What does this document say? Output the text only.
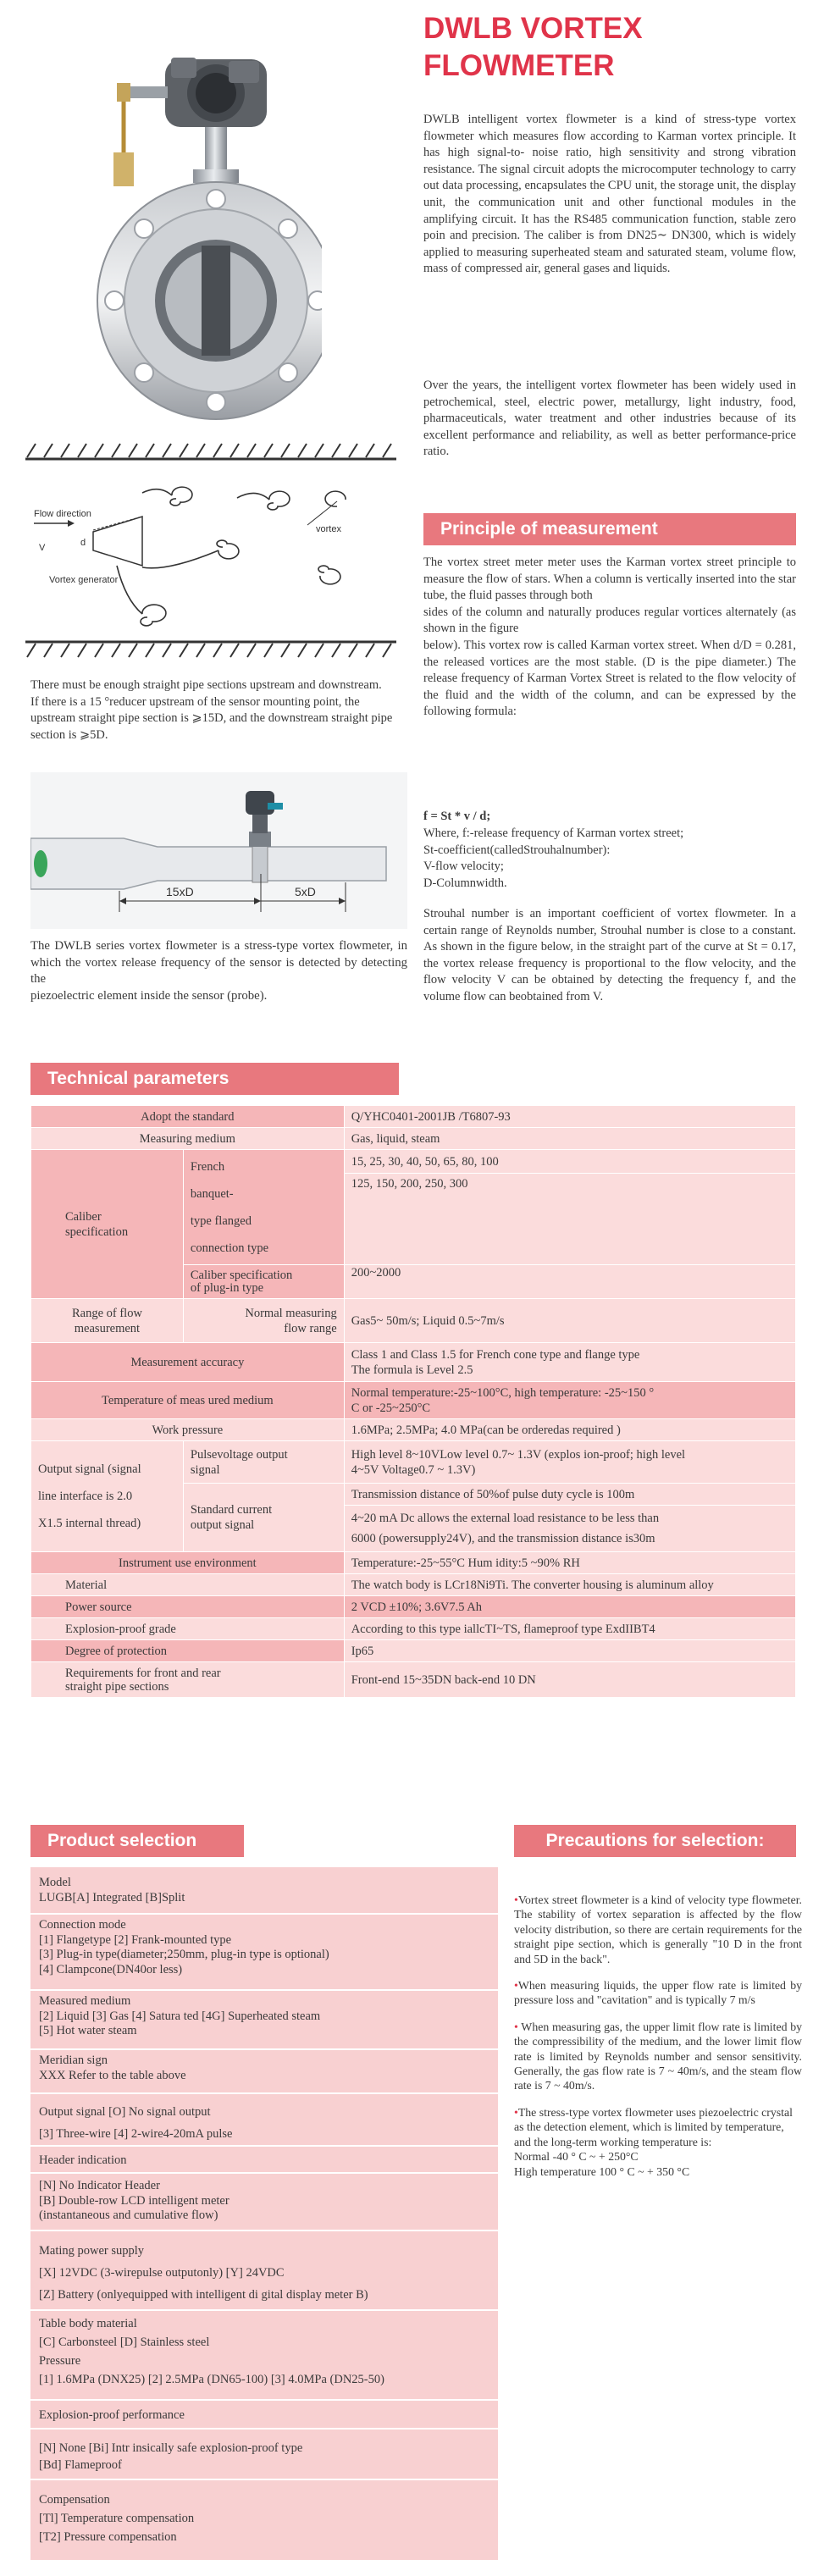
DWLB VORTEX
FLOWMETER
DWLB intelligent vortex flowmeter is a kind of stress-type vortex flowmeter which measures flow according to Karman vortex principle. It has high signal-to- noise ratio, high sensitivity and strong vibration resistance. The signal circuit adopts the microcomputer technology to carry out data processing, encapsulates the CPU unit, the storage unit, the display unit, the communication unit and other functional modules in the amplifying circuit. It has the RS485 communication function, stable zero poin and precision. The caliber is from DN25∼ DN300, which is widely applied to measuring superheated steam and saturated steam, volume flow, mass of compressed air, general gases and liquids.
Over the years, the intelligent vortex flowmeter has been widely used in petrochemical, steel, electric power, metallurgy, light industry, food, pharmaceuticals, water treatment and other industries because of its excellent performance and reliability, as well as better performance-price ratio.
Flow direction
V	d
Vortex generator
vortex
There must be enough straight pipe sections upstream and downstream.
If there is a 15 °reducer upstream of the sensor mounting point, the upstream straight pipe section is ⩾15D, and the downstream straight pipe section is ⩾5D.
15xD	5xD
The DWLB series vortex flowmeter is a stress-type vortex flowmeter, in which the vortex release frequency of the sensor is detected by detecting the
piezoelectric element inside the sensor (probe).
Principle of measurement
The vortex street meter meter uses the Karman vortex street principle to measure the flow of stars. When a column is vertically inserted into the star tube, the fluid passes through both
sides of the column and naturally produces regular vortices alternately (as shown in the figure
below). This vortex row is called Karman vortex street. When d/D = 0.281, the released vortices are the most stable. (D is the pipe diameter.) The release frequency of Karman Vortex Street is related to the flow velocity of the fluid and the width of the column, and can be expressed by the following formula:
f = St * v / d;
Where, f:-release frequency of Karman vortex street;
St-coefficient(calledStrouhalnumber):
V-flow velocity;
D-Columnwidth.
Strouhal number is an important coefficient of vortex flowmeter. In a certain range of Reynolds number, Strouhal number is close to a constant. As shown in the figure below, in the straight part of the curve at St = 0.17, the vortex release frequency is proportional to the flow velocity, and the flow velocity V can be obtained by detecting the frequency f, and the volume flow can beobtained from V.
Technical parameters
Adopt the standard		Q/YHC0401-2001JB /T6807-93
Measuring medium		Gas, liquid, steam
Caliber
specification	French

banquet-

type flanged

connection type	15, 25, 30, 40, 50, 65, 80, 100
		125, 150, 200, 250, 300
	Caliber specification
of plug-in type	200~2000
Range of flow
measurement	Normal measuring
flow range	Gas5~ 50m/s; Liquid 0.5~7m/s
Measurement accuracy		Class 1 and Class 1.5 for French cone type and flange type
The formula is Level 2.5
Temperature of meas ured medium		Normal temperature:-25~100°C, high temperature: -25~150 °
C or -25~250°C
Work pressure		1.6MPa; 2.5MPa; 4.0 MPa(can be orderedas required )
Output signal (signal

line interface is 2.0

X1.5 internal thread)	Pulsevoltage output
signal	High level 8~10VLow level 0.7~ 1.3V (explos ion-proof; high level
4~5V Voltage0.7 ~ 1.3V)
	Standard current
output signal	Transmission distance of 50%of pulse duty cycle is 100m
		4~20 mA Dc allows the external load resistance to be less than
6000 (powersupply24V), and the transmission distance is30m
Instrument use environment		Temperature:-25~55°C Hum idity:5 ~90% RH
Material		The watch body is LCr18Ni9Ti. The converter housing is aluminum alloy
Power source		2 VCD ±10%; 3.6V7.5 Ah
Explosion-proof grade		According to this type iallcTI~TS, flameproof type ExdIIBT4
Degree of protection		Ip65
Requirements for front and rear
straight pipe sections		Front-end 15~35DN back-end 10 DN
Product selection
Model
LUGB[A] Integrated [B]Split
Connection mode
[1] Flangetype [2] Frank-mounted type
[3] Plug-in type(diameter;250mm, plug-in type is optional)
[4] Clampcone(DN40or less)
Measured medium
[2] Liquid [3] Gas [4] Satura ted [4G] Superheated steam
[5] Hot water steam
Meridian sign
XXX Refer to the table above
Output signal [O] No signal output
[3] Three-wire [4] 2-wire4-20mA pulse
Header indication
[N] No Indicator Header
[B] Double-row LCD intelligent meter
(instantaneous and cumulative flow)
Mating power supply
[X] 12VDC (3-wirepulse outputonly) [Y] 24VDC
[Z] Battery (onlyequipped with intelligent di gital display meter B)
Table body material
[C] Carbonsteel [D] Stainless steel
Pressure
[1] 1.6MPa (DNX25) [2] 2.5MPa (DN65-100) [3] 4.0MPa (DN25-50)
Explosion-proof performance
[N] None [Bi] Intr insically safe explosion-proof type
[Bd] Flameproof
Compensation
[Tl] Temperature compensation
[T2] Pressure compensation
Precautions for selection:

•Vortex street flowmeter is a kind of velocity type flowmeter. The stability of vortex separation is affected by the flow velocity distribution, so there are certain requirements for the straight pipe section, which is generally "10 D in the front and 5D in the back".

•When measuring liquids, the upper flow rate is limited by pressure loss and "cavitation" and is typically 7 m/s

• When measuring gas, the upper limit flow rate is limited by the compressibility of the medium, and the lower limit flow rate is limited by Reynolds number and sensor sensitivity. Generally, the gas flow rate is 7 ~ 40m/s, and the steam flow rate is 7 ~ 40m/s.

•The stress-type vortex flowmeter uses piezoelectric crystal as the detection element, which is limited by temperature, and the long-term working temperature is:
Normal -40 ° C ~ + 250°C
High temperature 100 ° C ~ + 350 °C
